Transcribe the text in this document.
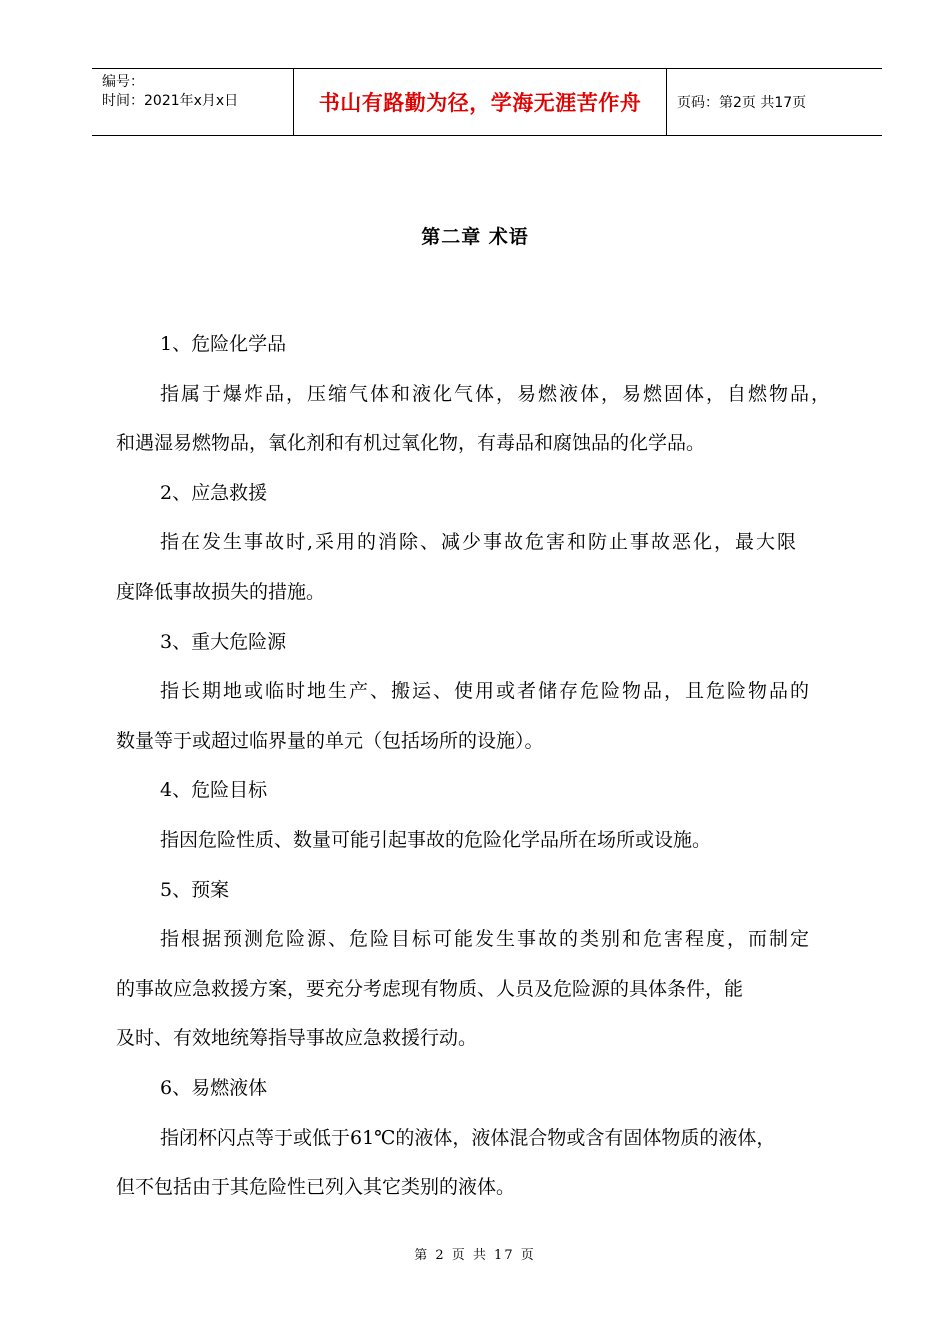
编号：
时间：2021年x月x日	书山有路勤为径，学海无涯苦作舟	页码：第2页 共17页
第二章 术语
1、危险化学品
指属于爆炸品，压缩气体和液化气体，易燃液体，易燃固体，自燃物品，
和遇湿易燃物品，氧化剂和有机过氧化物，有毒品和腐蚀品的化学品。
2、应急救援
指在发生事故时,采用的消除、减少事故危害和防止事故恶化，最大限
度降低事故损失的措施。
3、重大危险源
指长期地或临时地生产、搬运、使用或者储存危险物品，且危险物品的
数量等于或超过临界量的单元（包括场所的设施）。
4、危险目标
指因危险性质、数量可能引起事故的危险化学品所在场所或设施。
5、预案
指根据预测危险源、危险目标可能发生事故的类别和危害程度，而制定
的事故应急救援方案，要充分考虑现有物质、人员及危险源的具体条件，能
及时、有效地统筹指导事故应急救援行动。
6、易燃液体
指闭杯闪点等于或低于61℃的液体，液体混合物或含有固体物质的液体，
但不包括由于其危险性已列入其它类别的液体。
第 2 页 共 17 页
